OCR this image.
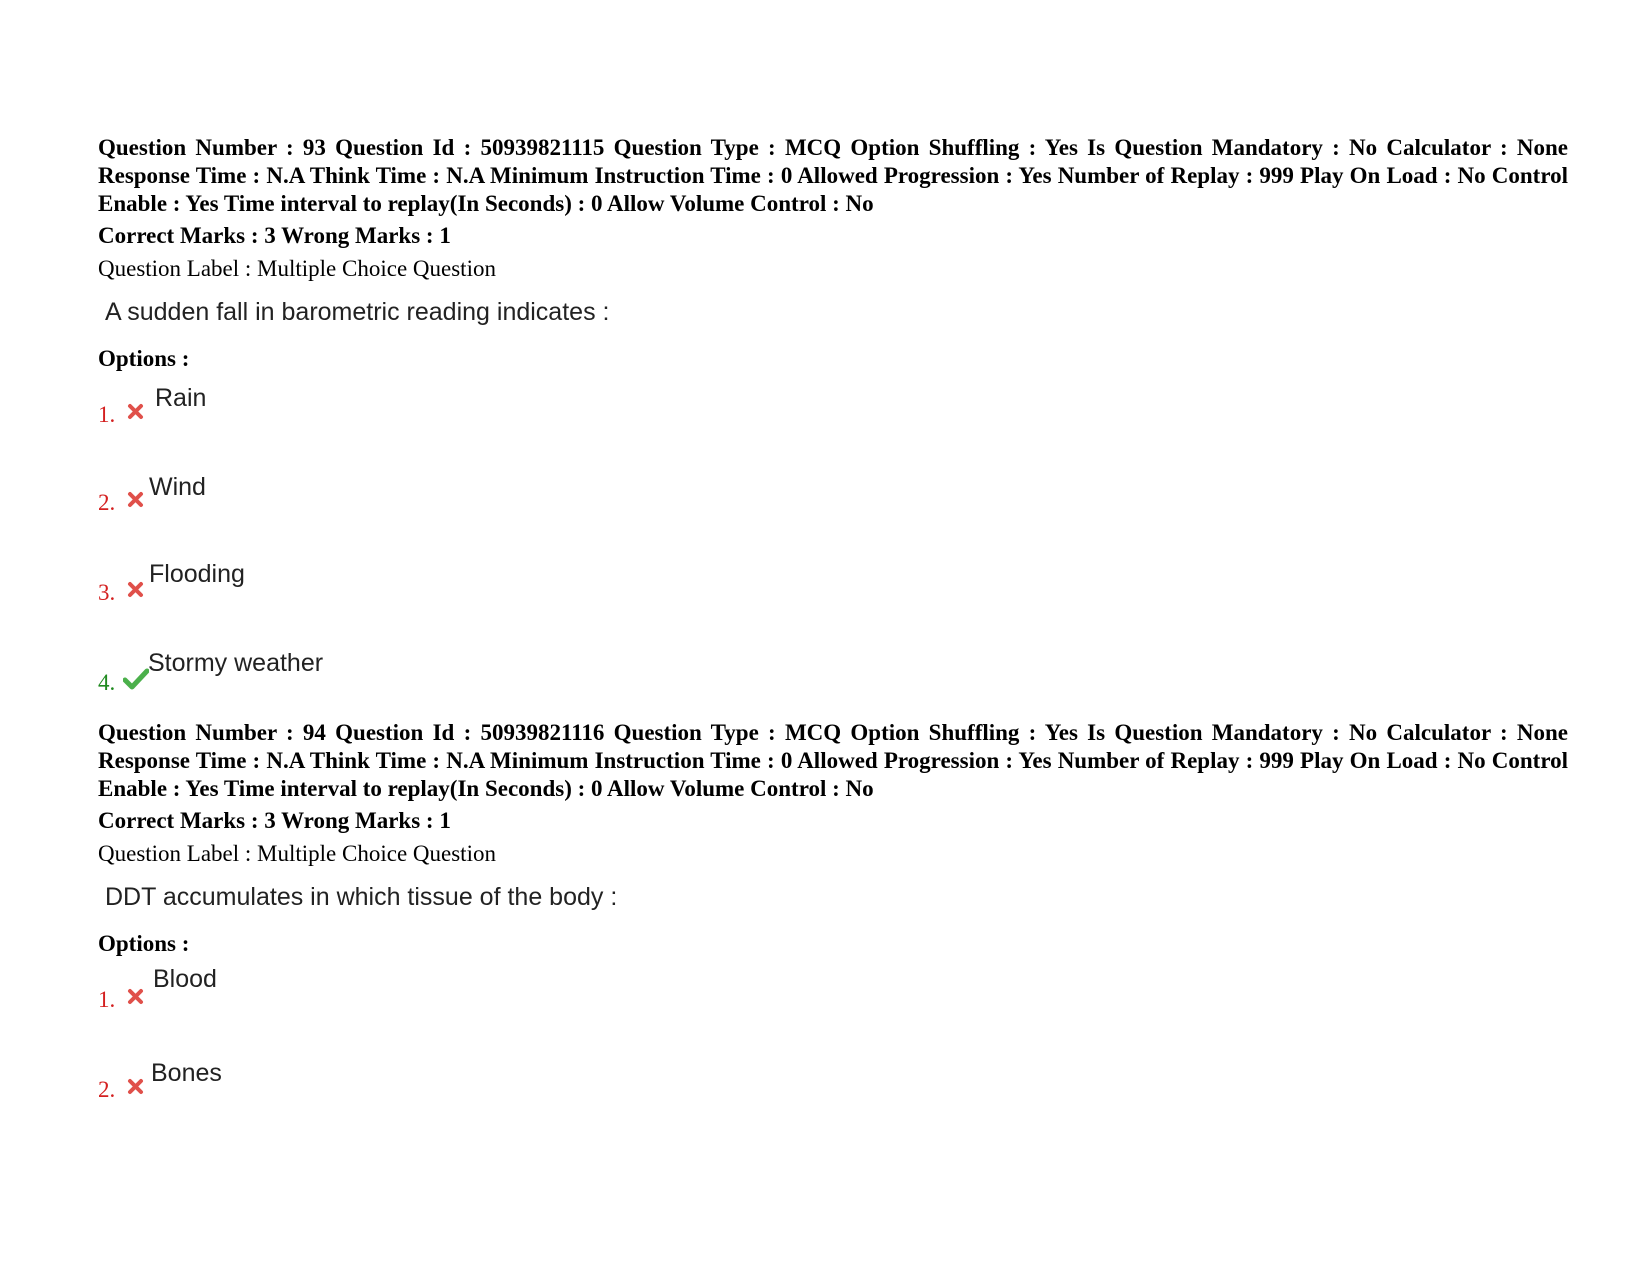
Question Number : 93 Question Id : 50939821115 Question Type : MCQ Option Shuffling : Yes Is Question Mandatory : No Calculator : None Response Time : N.A Think Time : N.A Minimum Instruction Time : 0 Allowed Progression : Yes Number of Replay : 999 Play On Load : No Control Enable : Yes Time interval to replay(In Seconds) : 0 Allow Volume Control : No

Correct Marks : 3 Wrong Marks : 1

Question Label : Multiple Choice Question

A sudden fall in barometric reading indicates :

Options :

1.
Rain
2.
Wind
3.
Flooding
4.
Stormy weather

Question Number : 94 Question Id : 50939821116 Question Type : MCQ Option Shuffling : Yes Is Question Mandatory : No Calculator : None Response Time : N.A Think Time : N.A Minimum Instruction Time : 0 Allowed Progression : Yes Number of Replay : 999 Play On Load : No Control Enable : Yes Time interval to replay(In Seconds) : 0 Allow Volume Control : No

Correct Marks : 3 Wrong Marks : 1

Question Label : Multiple Choice Question

DDT accumulates in which tissue of the body :

Options :

1.
Blood
2.
Bones
